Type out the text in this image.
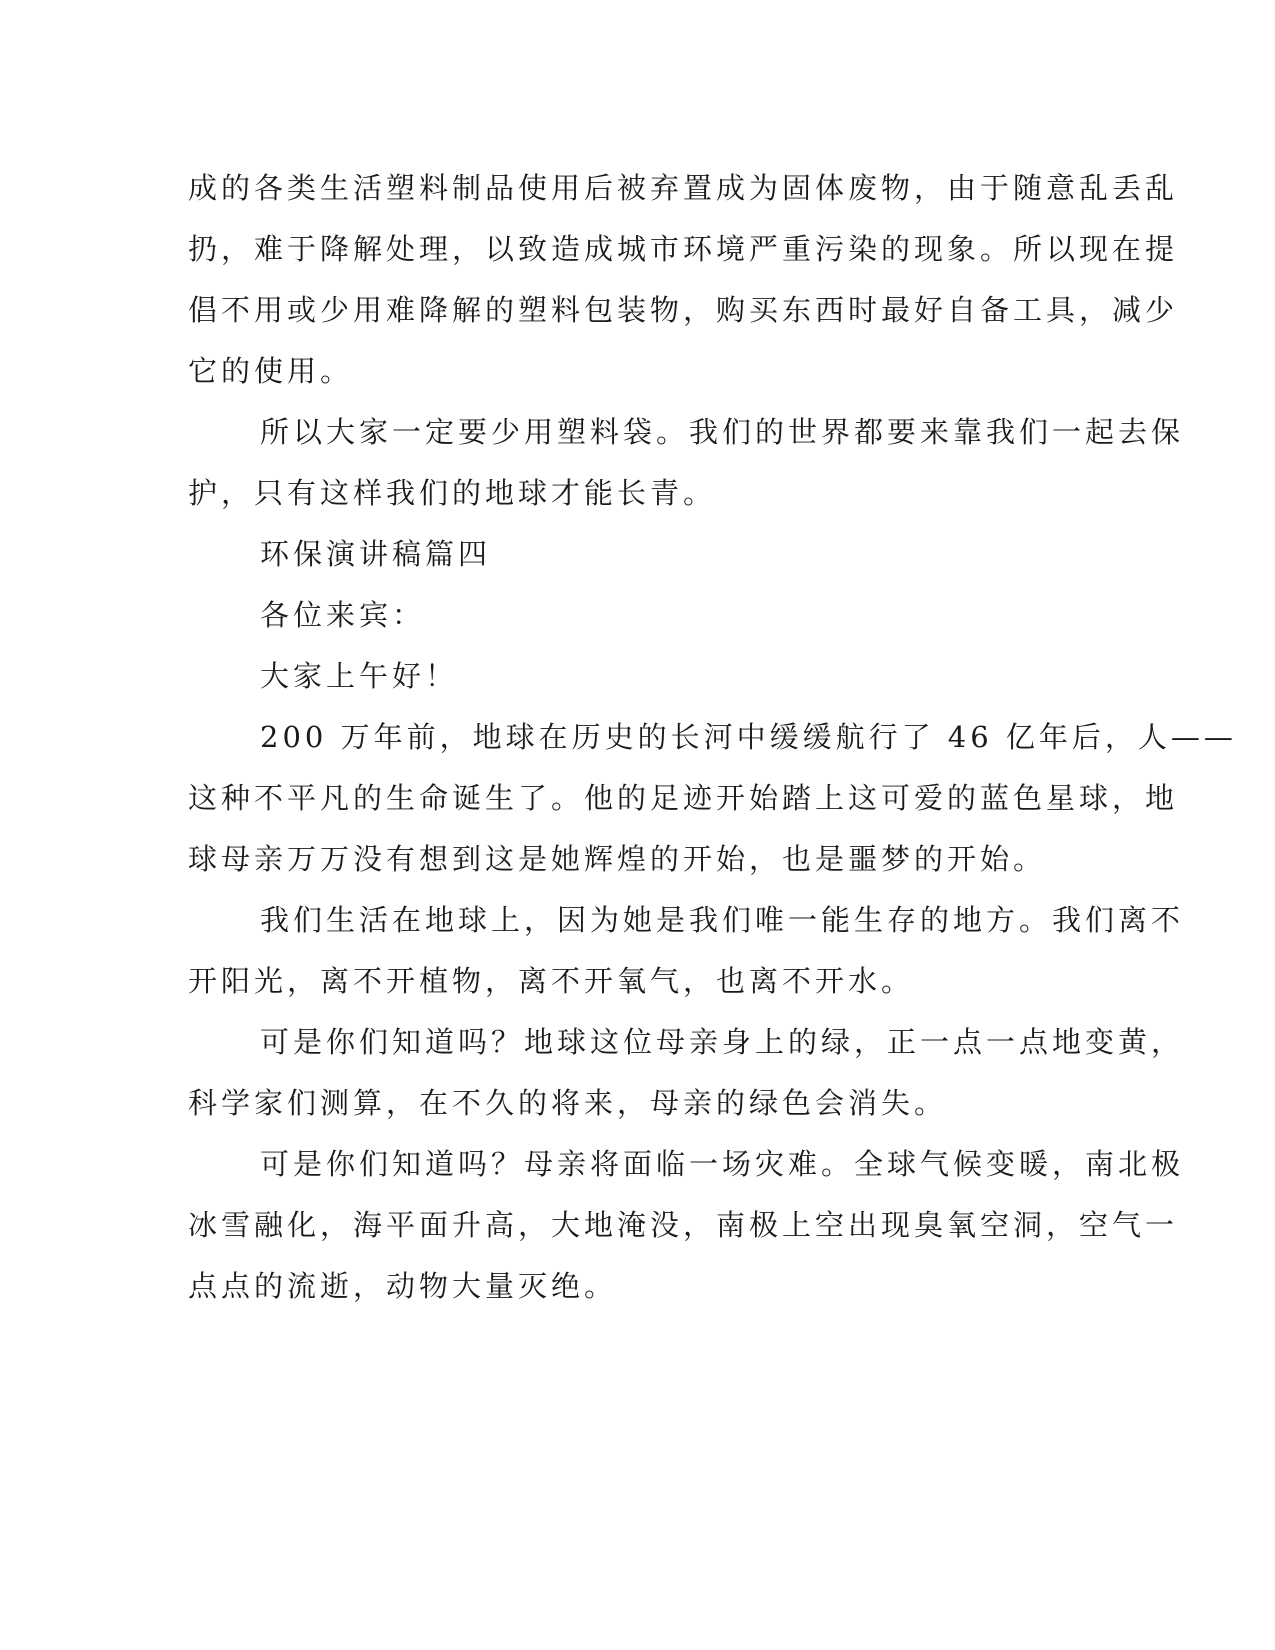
成的各类生活塑料制品使用后被弃置成为固体废物，由于随意乱丢乱
扔，难于降解处理，以致造成城市环境严重污染的现象。所以现在提
倡不用或少用难降解的塑料包装物，购买东西时最好自备工具，减少
它的使用。

所以大家一定要少用塑料袋。我们的世界都要来靠我们一起去保
护，只有这样我们的地球才能长青。

环保演讲稿篇四

各位来宾：

大家上午好！

200 万年前，地球在历史的长河中缓缓航行了 46 亿年后，人——
这种不平凡的生命诞生了。他的足迹开始踏上这可爱的蓝色星球，地
球母亲万万没有想到这是她辉煌的开始，也是噩梦的开始。

我们生活在地球上，因为她是我们唯一能生存的地方。我们离不
开阳光，离不开植物，离不开氧气，也离不开水。

可是你们知道吗？地球这位母亲身上的绿，正一点一点地变黄，
科学家们测算，在不久的将来，母亲的绿色会消失。

可是你们知道吗？母亲将面临一场灾难。全球气候变暖，南北极
冰雪融化，海平面升高，大地淹没，南极上空出现臭氧空洞，空气一
点点的流逝，动物大量灭绝。
